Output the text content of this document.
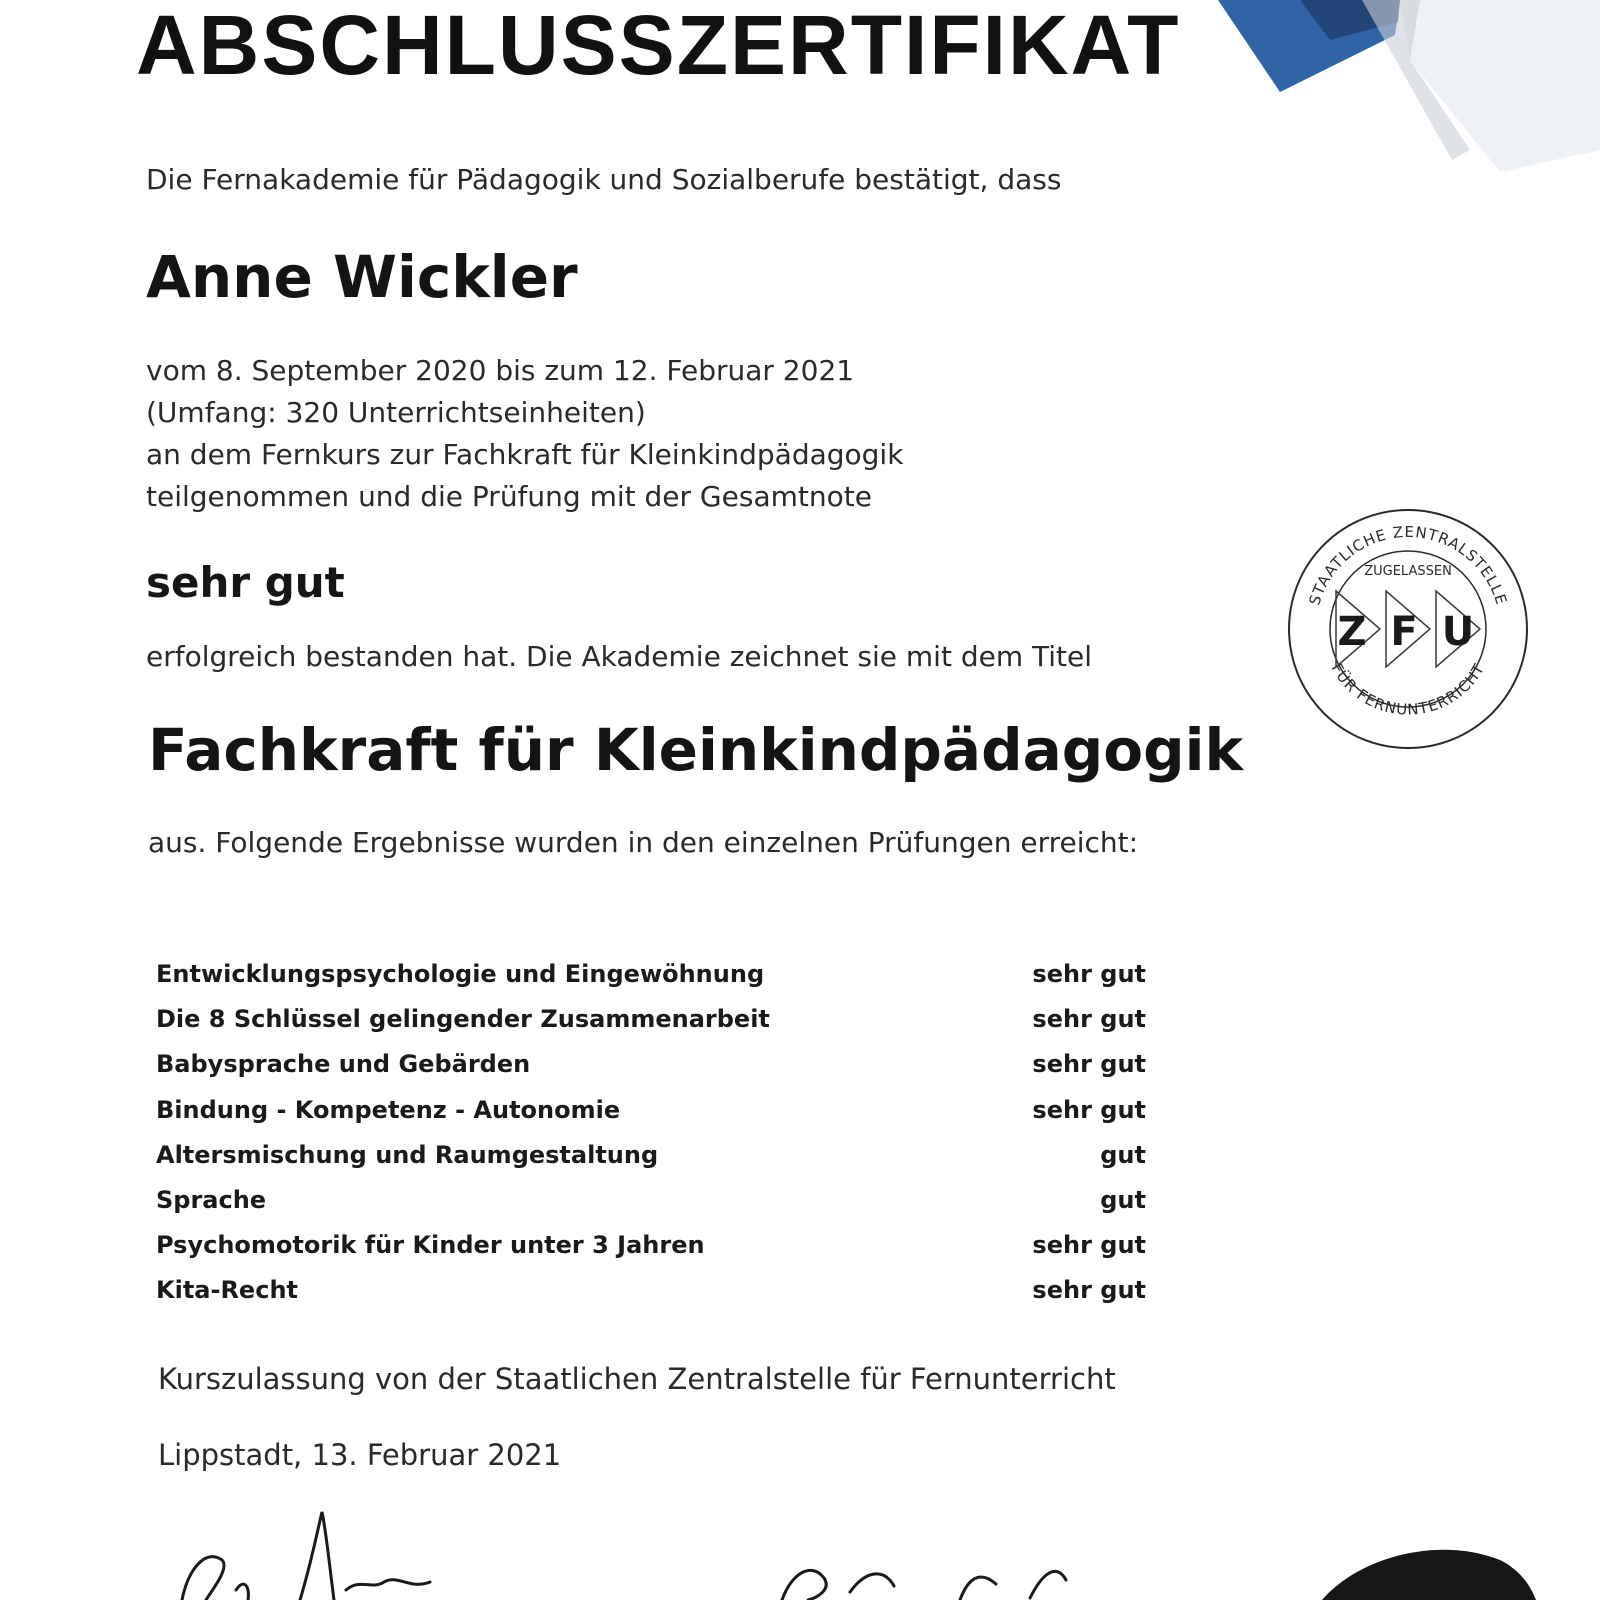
ABSCHLUSSZERTIFIKAT
Die Fernakademie für Pädagogik und Sozialberufe bestätigt, dass
Anne Wickler
vom 8. September 2020 bis zum 12. Februar 2021
(Umfang: 320 Unterrichtseinheiten)
an dem Fernkurs zur Fachkraft für Kleinkindpädagogik
teilgenommen und die Prüfung mit der Gesamtnote
sehr gut
erfolgreich bestanden hat. Die Akademie zeichnet sie mit dem Titel
Fachkraft für Kleinkindpädagogik
aus. Folgende Ergebnisse wurden in den einzelnen Prüfungen erreicht:
Entwicklungspsychologie und Eingewöhnung	sehr gut
Die 8 Schlüssel gelingender Zusammenarbeit	sehr gut
Babysprache und Gebärden	sehr gut
Bindung - Kompetenz - Autonomie	sehr gut
Altersmischung und Raumgestaltung	gut
Sprache	gut
Psychomotorik für Kinder unter 3 Jahren	sehr gut
Kita-Recht	sehr gut
Kurszulassung von der Staatlichen Zentralstelle für Fernunterricht
Lippstadt, 13. Februar 2021
STAATLICHE ZENTRALSTELLE
FÜR FERNUNTERRICHT
ZUGELASSEN
Z F U
